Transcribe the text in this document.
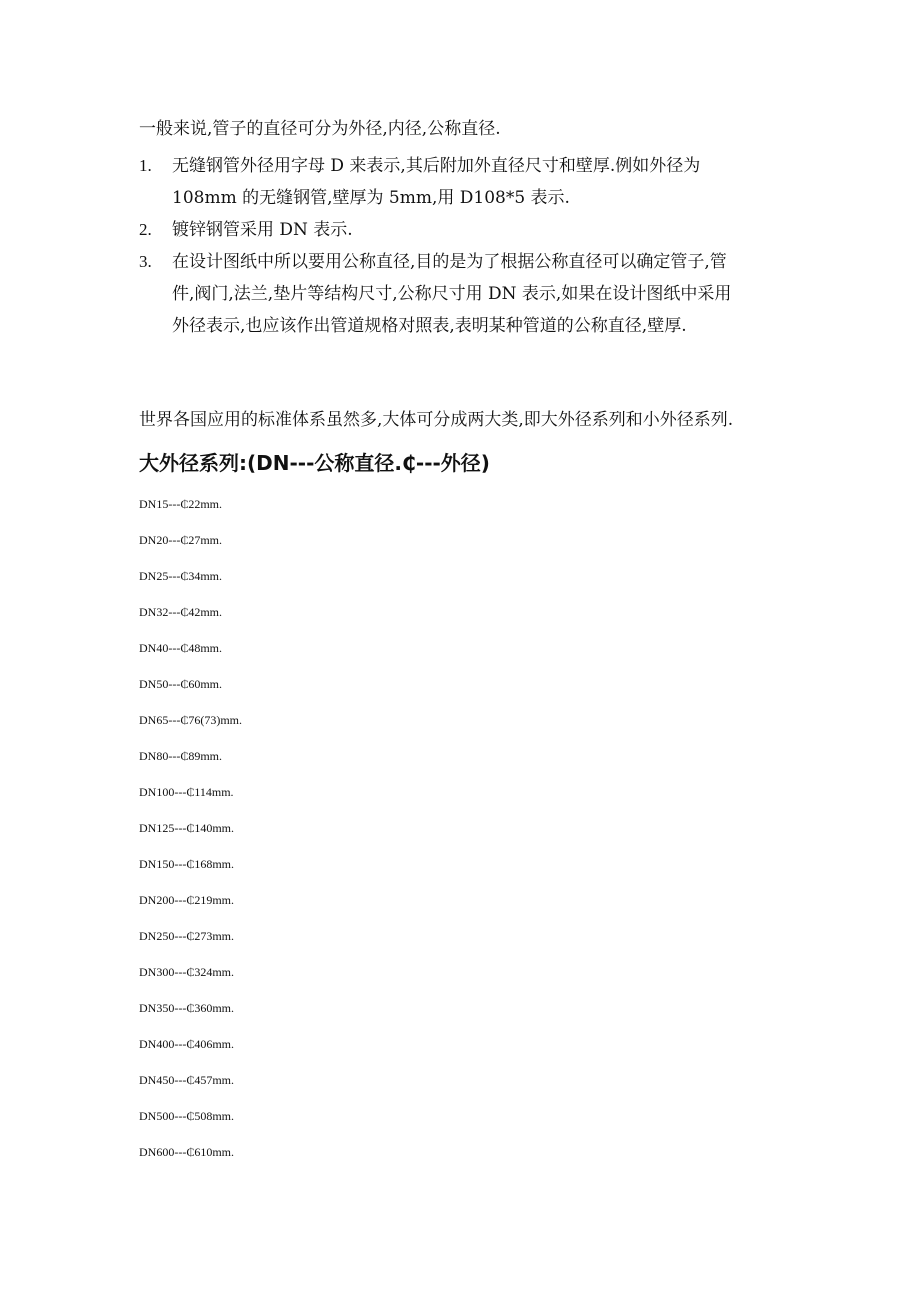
一般来说,管子的直径可分为外径,内径,公称直径.
1. 无缝钢管外径用字母 D 来表示,其后附加外直径尺寸和壁厚.例如外径为
108mm 的无缝钢管,壁厚为 5mm,用 D108*5 表示.
2. 镀锌钢管采用 DN 表示.
3. 在设计图纸中所以要用公称直径,目的是为了根据公称直径可以确定管子,管
件,阀门,法兰,垫片等结构尺寸,公称尺寸用 DN 表示,如果在设计图纸中采用
外径表示,也应该作出管道规格对照表,表明某种管道的公称直径,壁厚.
世界各国应用的标准体系虽然多,大体可分成两大类,即大外径系列和小外径系列.
大外径系列:(DN---公称直径.₵---外径)
DN15---₵22mm.
DN20---₵27mm.
DN25---₵34mm.
DN32---₵42mm.
DN40---₵48mm.
DN50---₵60mm.
DN65---₵76(73)mm.
DN80---₵89mm.
DN100---₵114mm.
DN125---₵140mm.
DN150---₵168mm.
DN200---₵219mm.
DN250---₵273mm.
DN300---₵324mm.
DN350---₵360mm.
DN400---₵406mm.
DN450---₵457mm.
DN500---₵508mm.
DN600---₵610mm.
